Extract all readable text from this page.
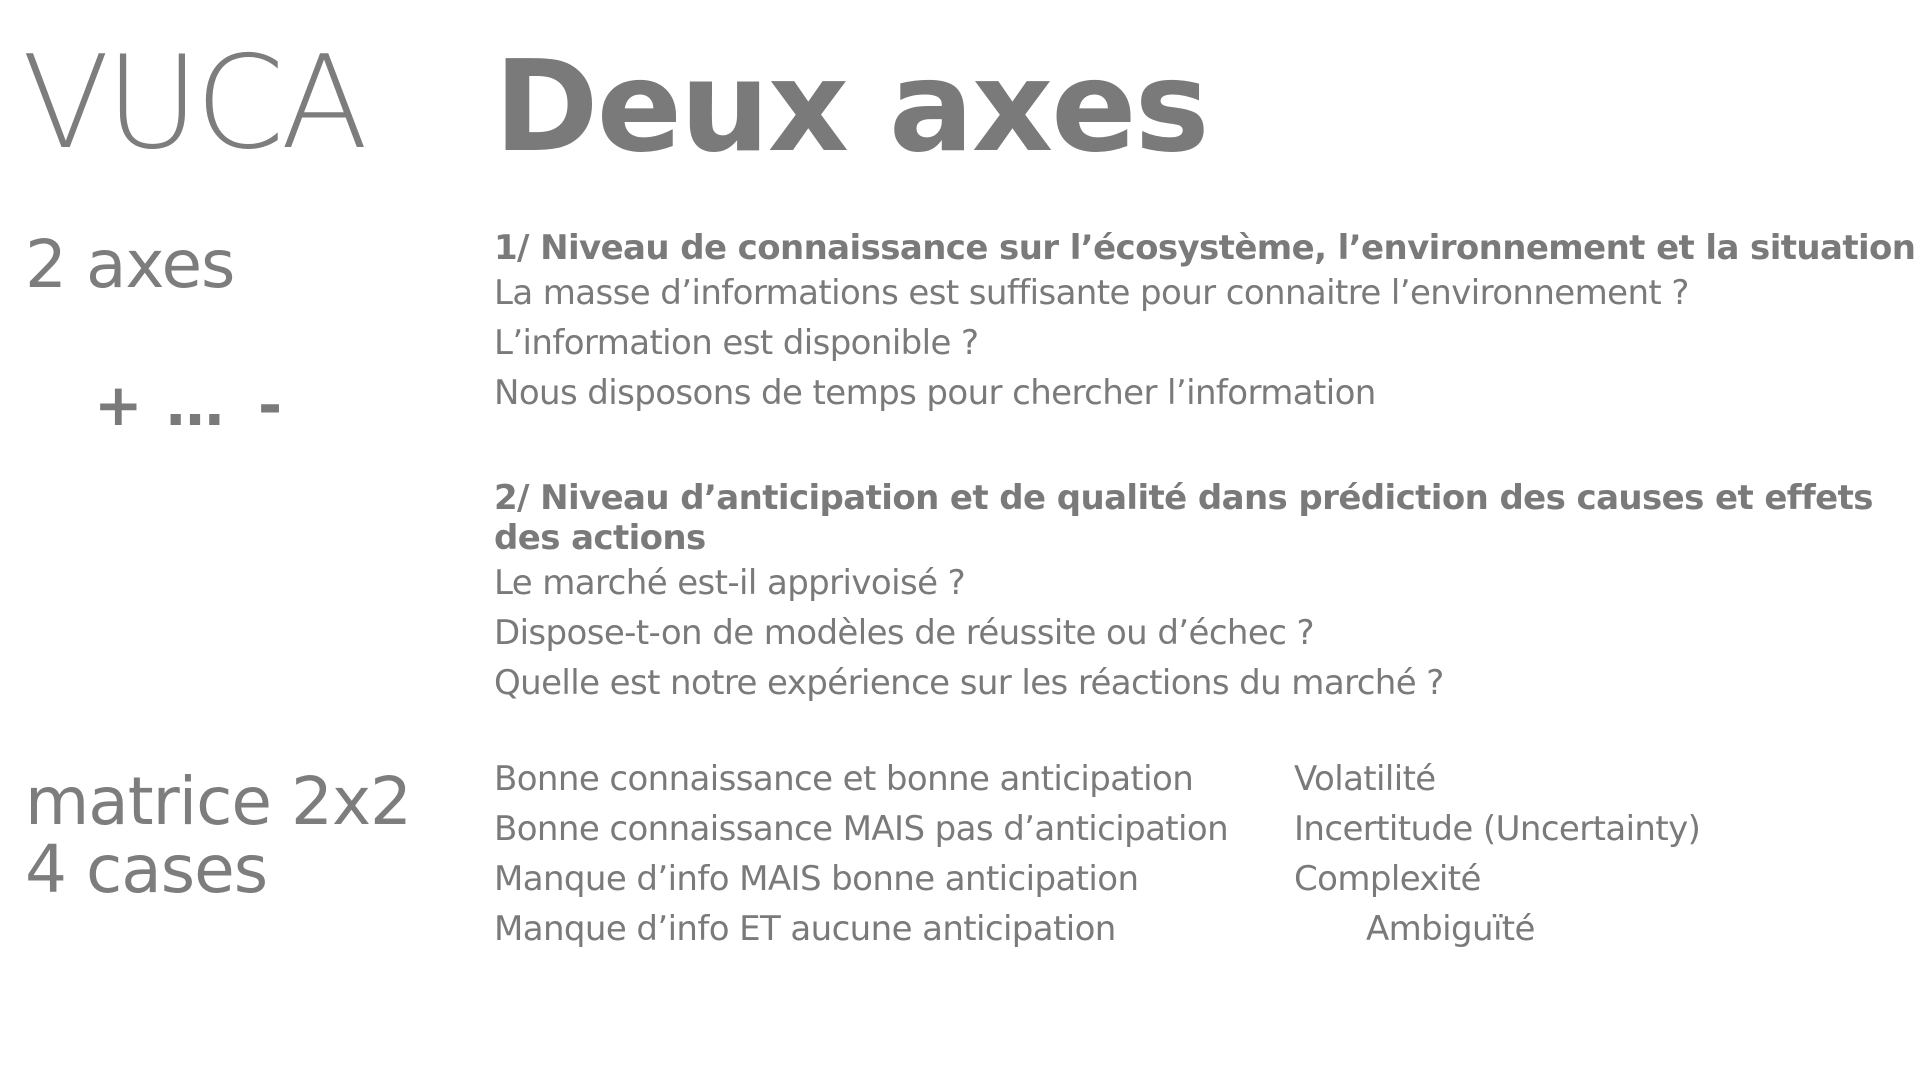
VUCA
2 axes
+ … -
matrice 2x2
4 cases
Deux axes
1/ Niveau de connaissance sur l’écosystème, l’environnement et la situation
La masse d’informations est suffisante pour connaitre l’environnement ?
L’information est disponible ?
Nous disposons de temps pour chercher l’information
2/ Niveau d’anticipation et de qualité dans prédiction des causes et effets des actions
Le marché est-il apprivoisé ?
Dispose-t-on de modèles de réussite ou d’échec ?
Quelle est notre expérience sur les réactions du marché ?
Bonne connaissance et bonne anticipation	Volatilité
Bonne connaissance MAIS pas d’anticipation	Incertitude (Uncertainty)
Manque d’info MAIS bonne anticipation	Complexité
Manque d’info ET aucune anticipation	Ambiguïté
